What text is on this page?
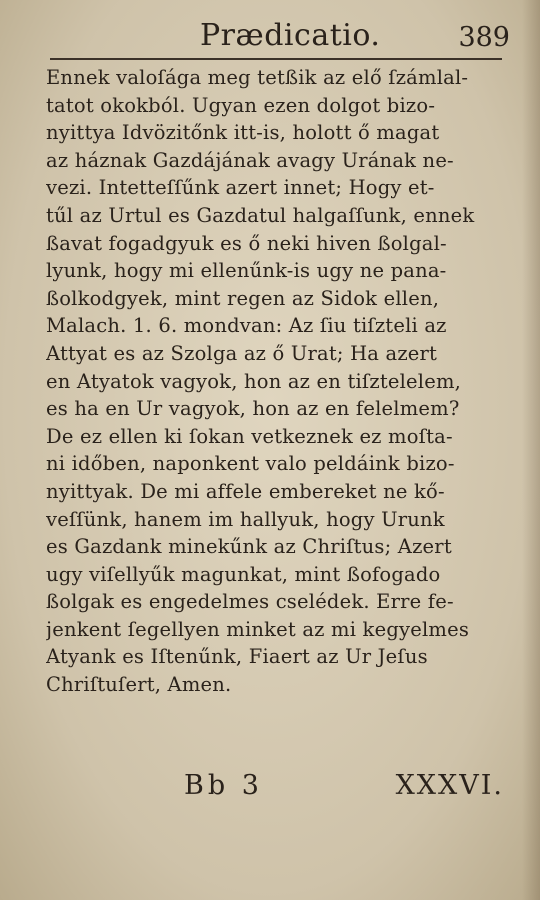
Prædicatio.	389
Ennek valoſága meg tetßik az elő ſzámlal-
tatot okokból. Ugyan ezen dolgot bizo-
nyittya Idvözitőnk itt-is, holott ő magat
az háznak Gazdájának avagy Urának ne-
vezi. Intetteſſűnk azert innet; Hogy et-
tűl az Urtul es Gazdatul halgaſſunk, ennek
ßavat fogadgyuk es ő neki hiven ßolgal-
lyunk, hogy mi ellenűnk-is ugy ne pana-
ßolkodgyek, mint regen az Sidok ellen,
Malach. 1. 6. mondvan: Az ſiu tiſzteli az
Attyat es az Szolga az ő Urat; Ha azert
en Atyatok vagyok, hon az en tiſztelelem,
es ha en Ur vagyok, hon az en felelmem?
De ez ellen ki ſokan vetkeznek ez moſta-
ni időben, naponkent valo peldáink bizo-
nyittyak. De mi affele embereket ne kő-
veſſünk, hanem im hallyuk, hogy Urunk
es Gazdank minekűnk az Chriſtus; Azert
ugy viſellyűk magunkat, mint ßofogado
ßolgak es engedelmes cselédek. Erre fe-
jenkent ſegellyen minket az mi kegyelmes
Atyank es Iſtenűnk, Fiaert az Ur Jeſus
Chriſtuſert, Amen.
Bb 3	XXXVI.
